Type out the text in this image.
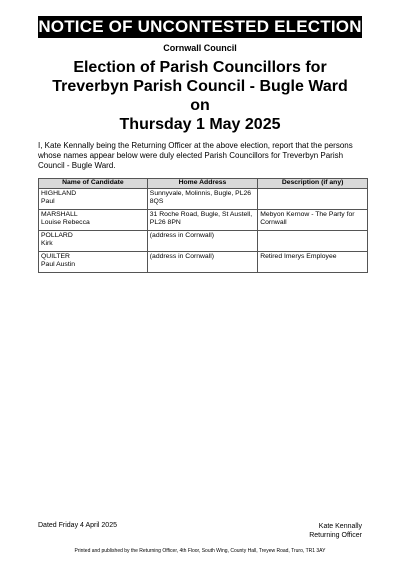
NOTICE OF UNCONTESTED ELECTION
Cornwall Council
Election of Parish Councillors for
Treverbyn Parish Council - Bugle Ward
on
Thursday 1 May 2025
I, Kate Kennally being the Returning Officer at the above election, report that the persons whose names appear below were duly elected Parish Councillors for Treverbyn Parish Council - Bugle Ward.
Name of Candidate	Home Address	Description (if any)

HIGHLAND
Paul	Sunnyvale, Molinnis, Bugle, PL26 8QS	

MARSHALL
Louise Rebecca	31 Roche Road, Bugle, St Austell, PL26 8PN	Mebyon Kernow - The Party for Cornwall

POLLARD
Kirk	(address in Cornwall)	

QUILTER
Paul Austin	(address in Cornwall)	Retired Imerys Employee
Dated Friday 4 April 2025	Kate Kennally
Returning Officer
Printed and published by the Returning Officer, 4th Floor, South Wing, County Hall, Treyew Road, Truro, TR1 3AY
